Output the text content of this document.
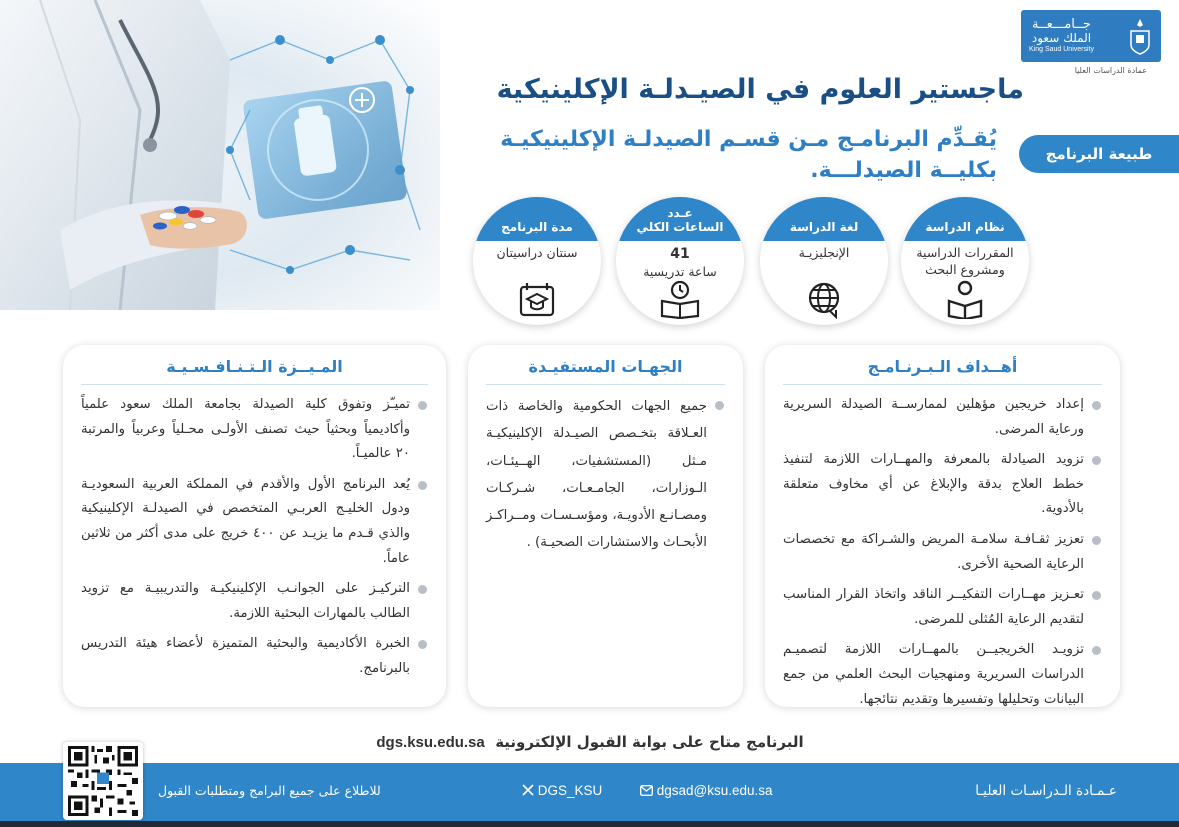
جــامـــعــة
الملك سعود
King Saud University
عمادة الدراسات العليا
ماجستير العلوم في الصيـدلـة الإكلينيكية
طبيعة البرنامج
يُقـدِّم البرنامـج مـن قسـم الصيدلـة الإكلينيكيـة بكليــة الصيدلـــة.
نظام الدراسة
المقررات الدراسية ومشروع البحث
لغة الدراسة
الإنجليزيـة
عـدد
الساعات الكلي
41
ساعة تدريسية
مدة البرنامج
سنتان دراسيتان
أهــداف الـبـرنـامـج
إعداد خريجين مؤهلين لممارســة الصيدلة السريرية ورعاية المرضى.
تزويد الصيادلة بالمعرفة والمهــارات اللازمة لتنفيذ خطط العلاج بدقة والإبلاغ عن أي مخاوف متعلقة بالأدوية.
تعزيز ثقـافـة سلامـة المريض والشـراكة مع تخصصات الرعاية الصحية الأخرى.
تعـزيز مهــارات التفكيــر الناقد واتخاذ القرار المناسب لتقديم الرعاية المُثلى للمرضى.
تزويـد الخريجيــن بالمهــارات اللازمة لتصميـم الدراسات السريرية ومنهجيات البحث العلمي من جمع البيانات وتحليلها وتفسيرها وتقديم نتائجها.
الجهـات المستفيـدة
جميع الجهات الحكومية والخاصة ذات العـلاقة بتخـصص الصيـدلة الإكلينيكيـة مـثل (المستشفيات، الهــيئـات، الـوزارات، الجامـعـات، شـركـات ومصـانـع الأدويـة، ومؤسـسـات ومــراكـز الأبحـاث والاستشارات الصحيـة) .
المـيــزة الـتـنـافـسـيـة
تميـّز وتفوق كلية الصيدلة بجامعة الملك سعود علمياً وأكاديمياً وبحثياً حيث تصنف الأولـى محـلياً وعربياً والمرتبة ٢٠ عالميـاً.
يُعد البرنامج الأول والأقدم في المملكة العربية السعوديـة ودول الخليـج العربـي المتخصص في الصيدلـة الإكلينيكية والذي قـدم ما يزيـد عن ٤٠٠ خريج على مدى أكثر من ثلاثين عاماً.
التركيـز على الجوانـب الإكلينيكيـة والتدريبيـة مع تزويد الطالب بالمهارات البحثية اللازمة.
الخبرة الأكاديمية والبحثية المتميزة لأعضاء هيئة التدريس بالبرنامج.
البرنامج متاح على بوابة القبول الإلكترونية  dgs.ksu.edu.sa
عـمـادة الـدراسـات العليـا
dgsad@ksu.edu.sa
DGS_KSU
للاطلاع على جميع البرامج ومتطلبات القبول
